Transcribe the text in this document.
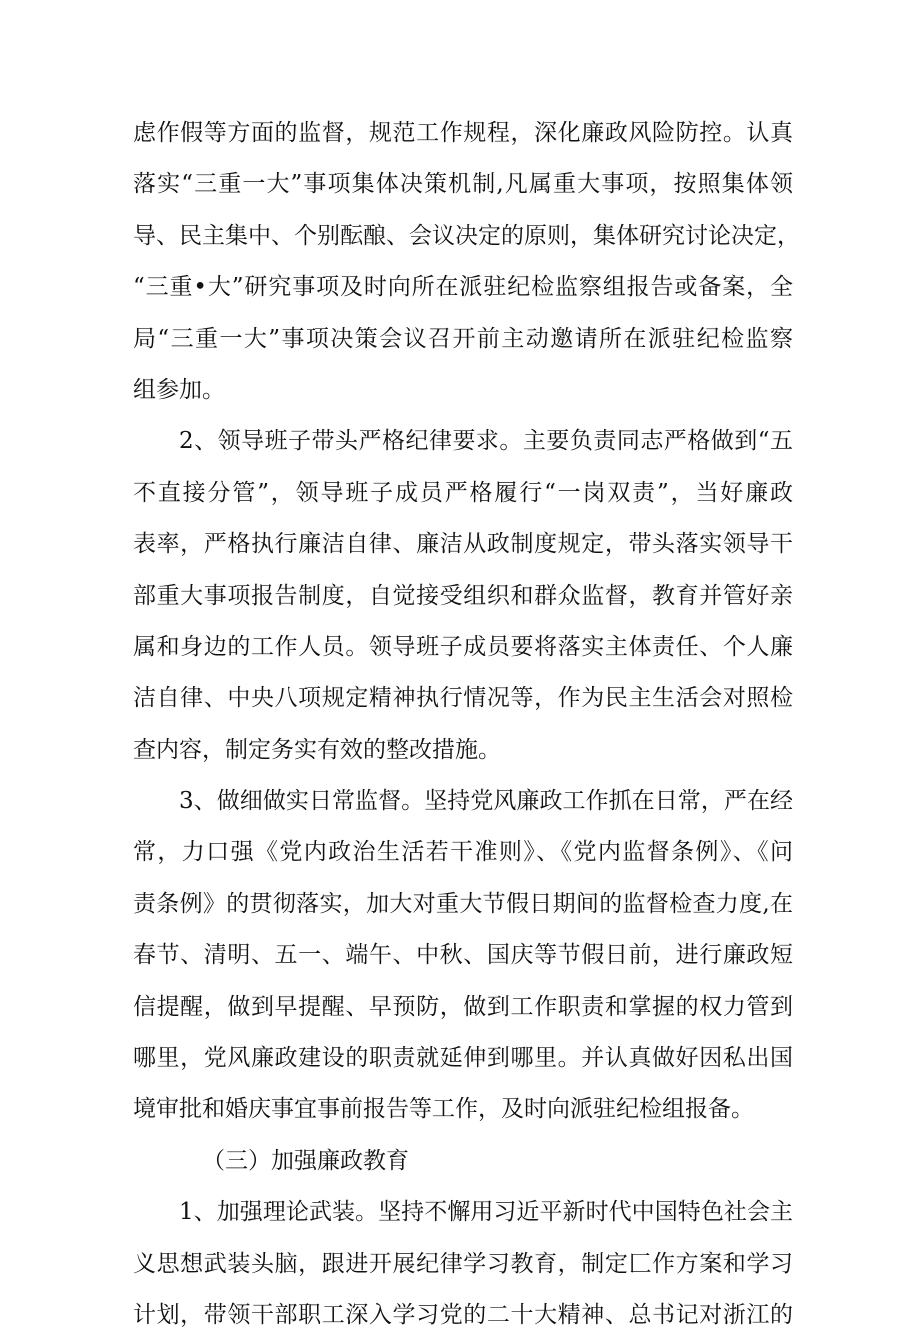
虑作假等方面的监督，规范工作规程，深化廉政风险防控。认真
落实“三重一大”事项集体决策机制,凡属重大事项，按照集体领
导、民主集中、个别酝酿、会议决定的原则，集体研究讨论决定，
“三重•大”研究事项及时向所在派驻纪检监察组报告或备案，全
局“三重一大”事项决策会议召开前主动邀请所在派驻纪检监察
组参加。
2、领导班子带头严格纪律要求。主要负责同志严格做到“五
不直接分管”，领导班子成员严格履行“一岗双责”，当好廉政
表率，严格执行廉洁自律、廉洁从政制度规定，带头落实领导干
部重大事项报告制度，自觉接受组织和群众监督，教育并管好亲
属和身边的工作人员。领导班子成员要将落实主体责任、个人廉
洁自律、中央八项规定精神执行情况等，作为民主生活会对照检
查内容，制定务实有效的整改措施。
3、做细做实日常监督。坚持党风廉政工作抓在日常，严在经
常，力口强《党内政治生活若干准则》、《党内监督条例》、《问
责条例》的贯彻落实，加大对重大节假日期间的监督检查力度,在
春节、清明、五一、端午、中秋、国庆等节假日前，进行廉政短
信提醒，做到早提醒、早预防，做到工作职责和掌握的权力管到
哪里，党风廉政建设的职责就延伸到哪里。并认真做好因私出国
境审批和婚庆事宜事前报告等工作，及时向派驻纪检组报备。
（三）加强廉政教育
1、加强理论武装。坚持不懈用习近平新时代中国特色社会主
义思想武装头脑，跟进开展纪律学习教育，制定匚作方案和学习
计划，带领干部职工深入学习党的二十大精神、总书记对浙江的
